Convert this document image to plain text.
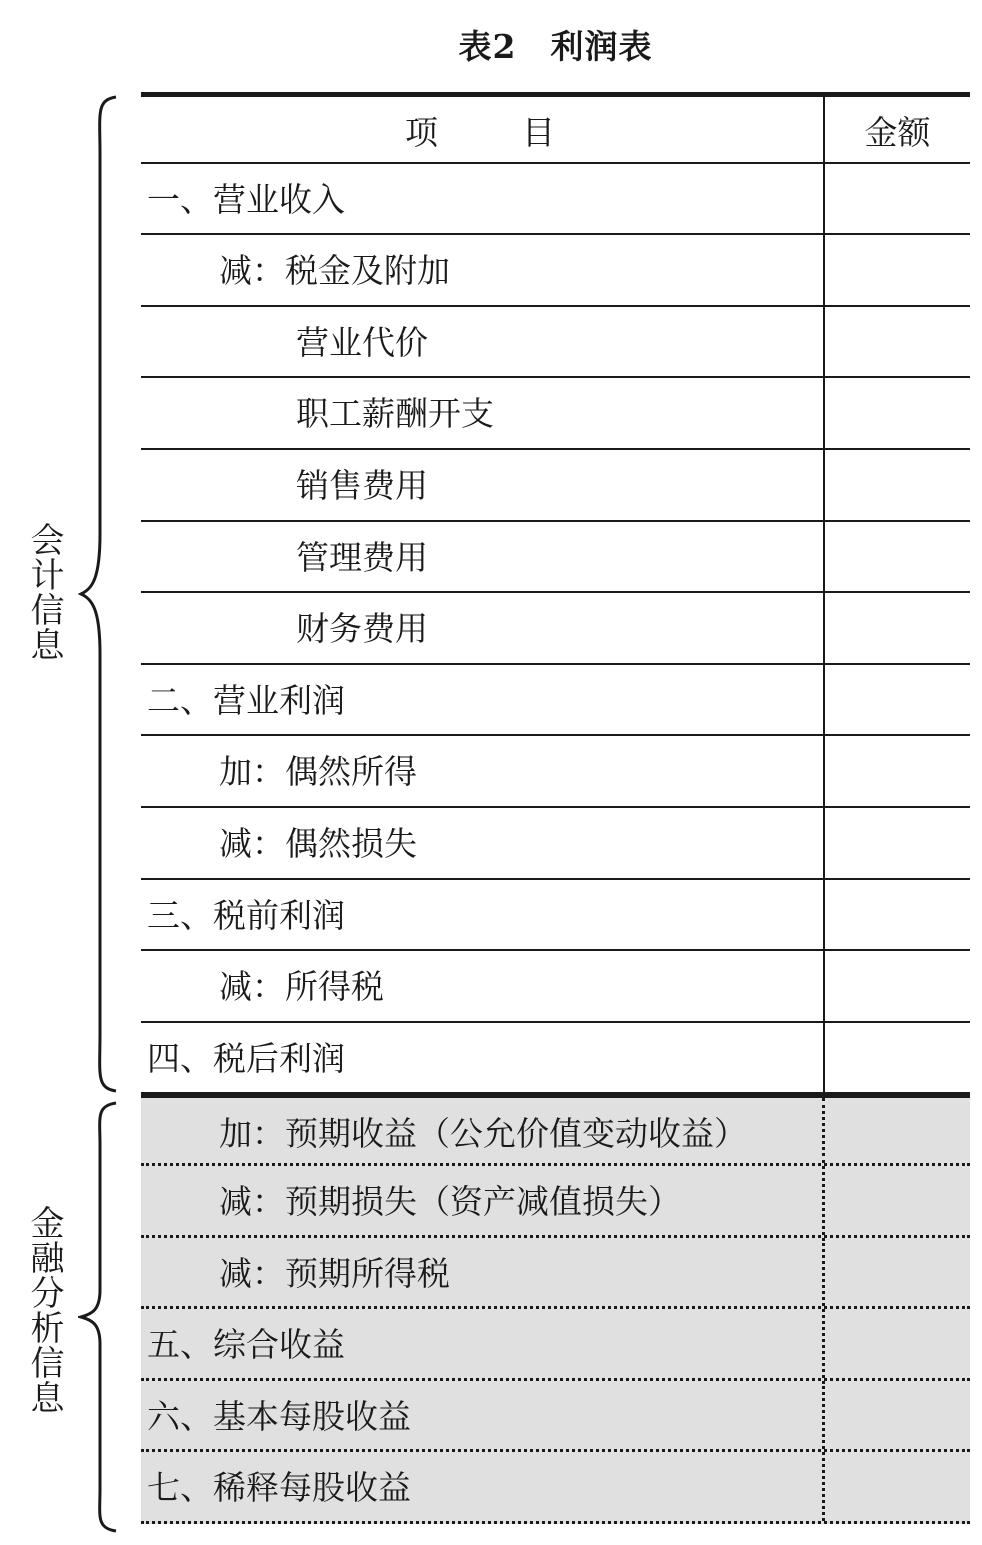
表2 利润表
项 目	金额
一、营业收入
减：税金及附加
营业代价
职工薪酬开支
销售费用
管理费用
财务费用
二、营业利润
加：偶然所得
减：偶然损失
三、税前利润
减：所得税
四、税后利润
加：预期收益（公允价值变动收益）
减：预期损失（资产减值损失）
减：预期所得税
五、综合收益
六、基本每股收益
七、稀释每股收益
会计信息
金融分析信息
